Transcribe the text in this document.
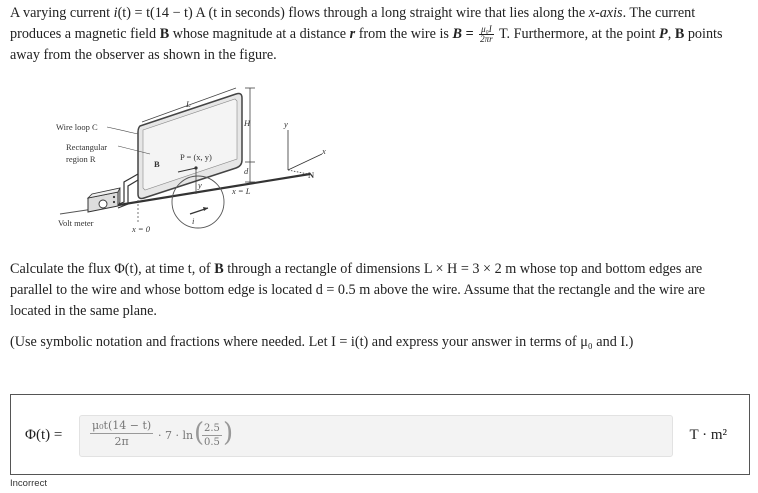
A varying current i(t) = t(14 − t) A (t in seconds) flows through a long straight wire that lies along the x-axis. The current
produces a magnetic field B whose magnitude at a distance r from the wire is $B = \frac{\text{μ₀I}}{2\pi r} T$. Furthermore, at the point P, B points
away from the observer as shown in the figure.
Wire loop C
Rectangular
region R
Volt meter
P = (x, y)
B
y
i
L
H
d
x = 0
x = L
y
x
N
Calculate the flux Φ(t), at time t, of B through a rectangle of dimensions L × H = 3 × 2 m whose top and bottom edges are
parallel to the wire and whose bottom edge is located d = 0.5 m above the wire. Assume that the rectangle and the wire are
located in the same plane.
(Use symbolic notation and fractions where needed. Let I = i(t) and express your answer in terms of μ₀ and I.)
Φ(t) =
μ₀t(14 − t)
2π	· 7 · ln ( 2.5
0.5 )	T · m²
Incorrect
